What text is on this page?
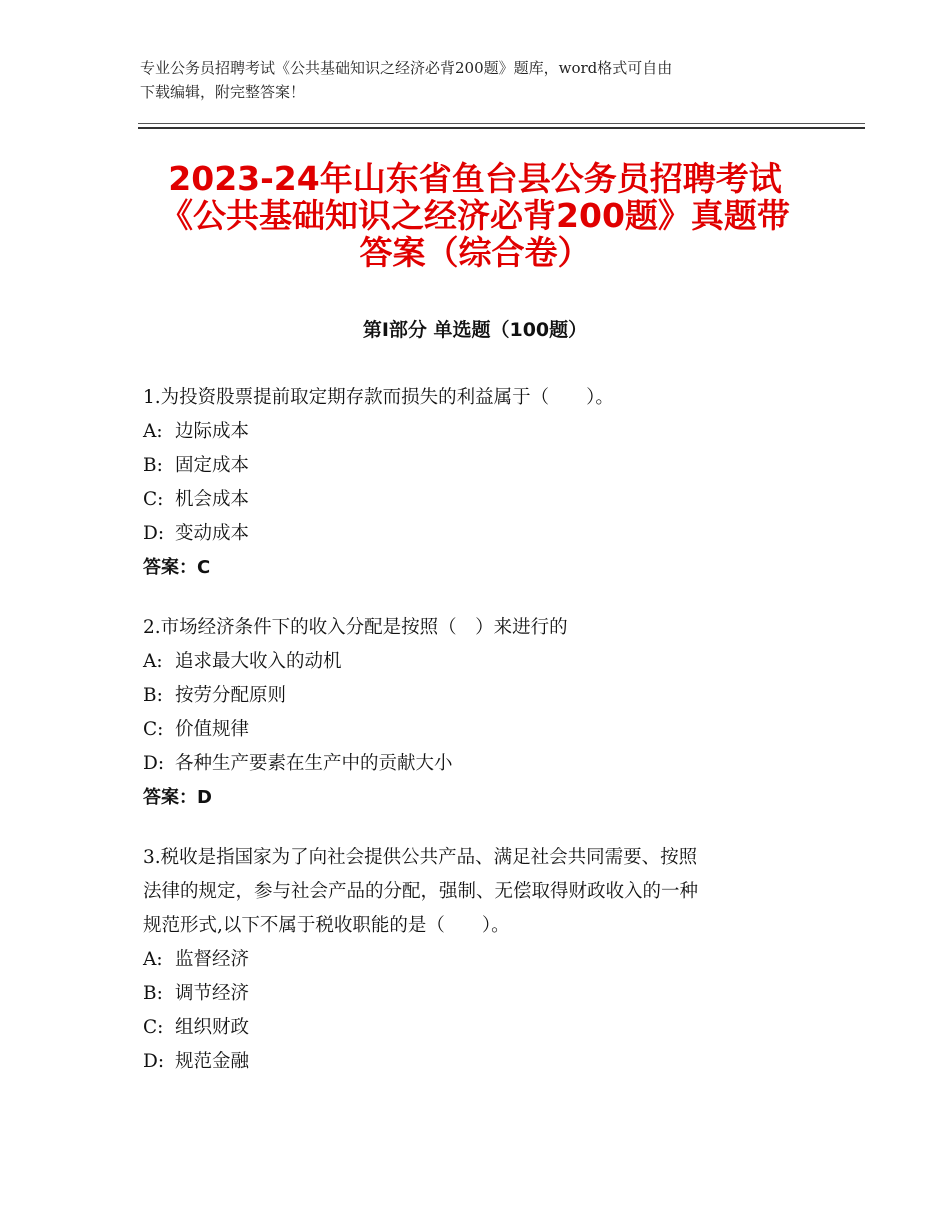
专业公务员招聘考试《公共基础知识之经济必背200题》题库，word格式可自由
下载编辑，附完整答案！
2023-24年山东省鱼台县公务员招聘考试
《公共基础知识之经济必背200题》真题带
答案（综合卷）
第Ⅰ部分 单选题（100题）
1.为投资股票提前取定期存款而损失的利益属于（　　）。
A: 边际成本
B: 固定成本
C: 机会成本
D: 变动成本
答案：C
2.市场经济条件下的收入分配是按照（　）来进行的
A: 追求最大收入的动机
B: 按劳分配原则
C: 价值规律
D: 各种生产要素在生产中的贡献大小
答案：D
3.税收是指国家为了向社会提供公共产品、满足社会共同需要、按照
法律的规定，参与社会产品的分配，强制、无偿取得财政收入的一种
规范形式,以下不属于税收职能的是（　　）。
A: 监督经济
B: 调节经济
C: 组织财政
D: 规范金融
